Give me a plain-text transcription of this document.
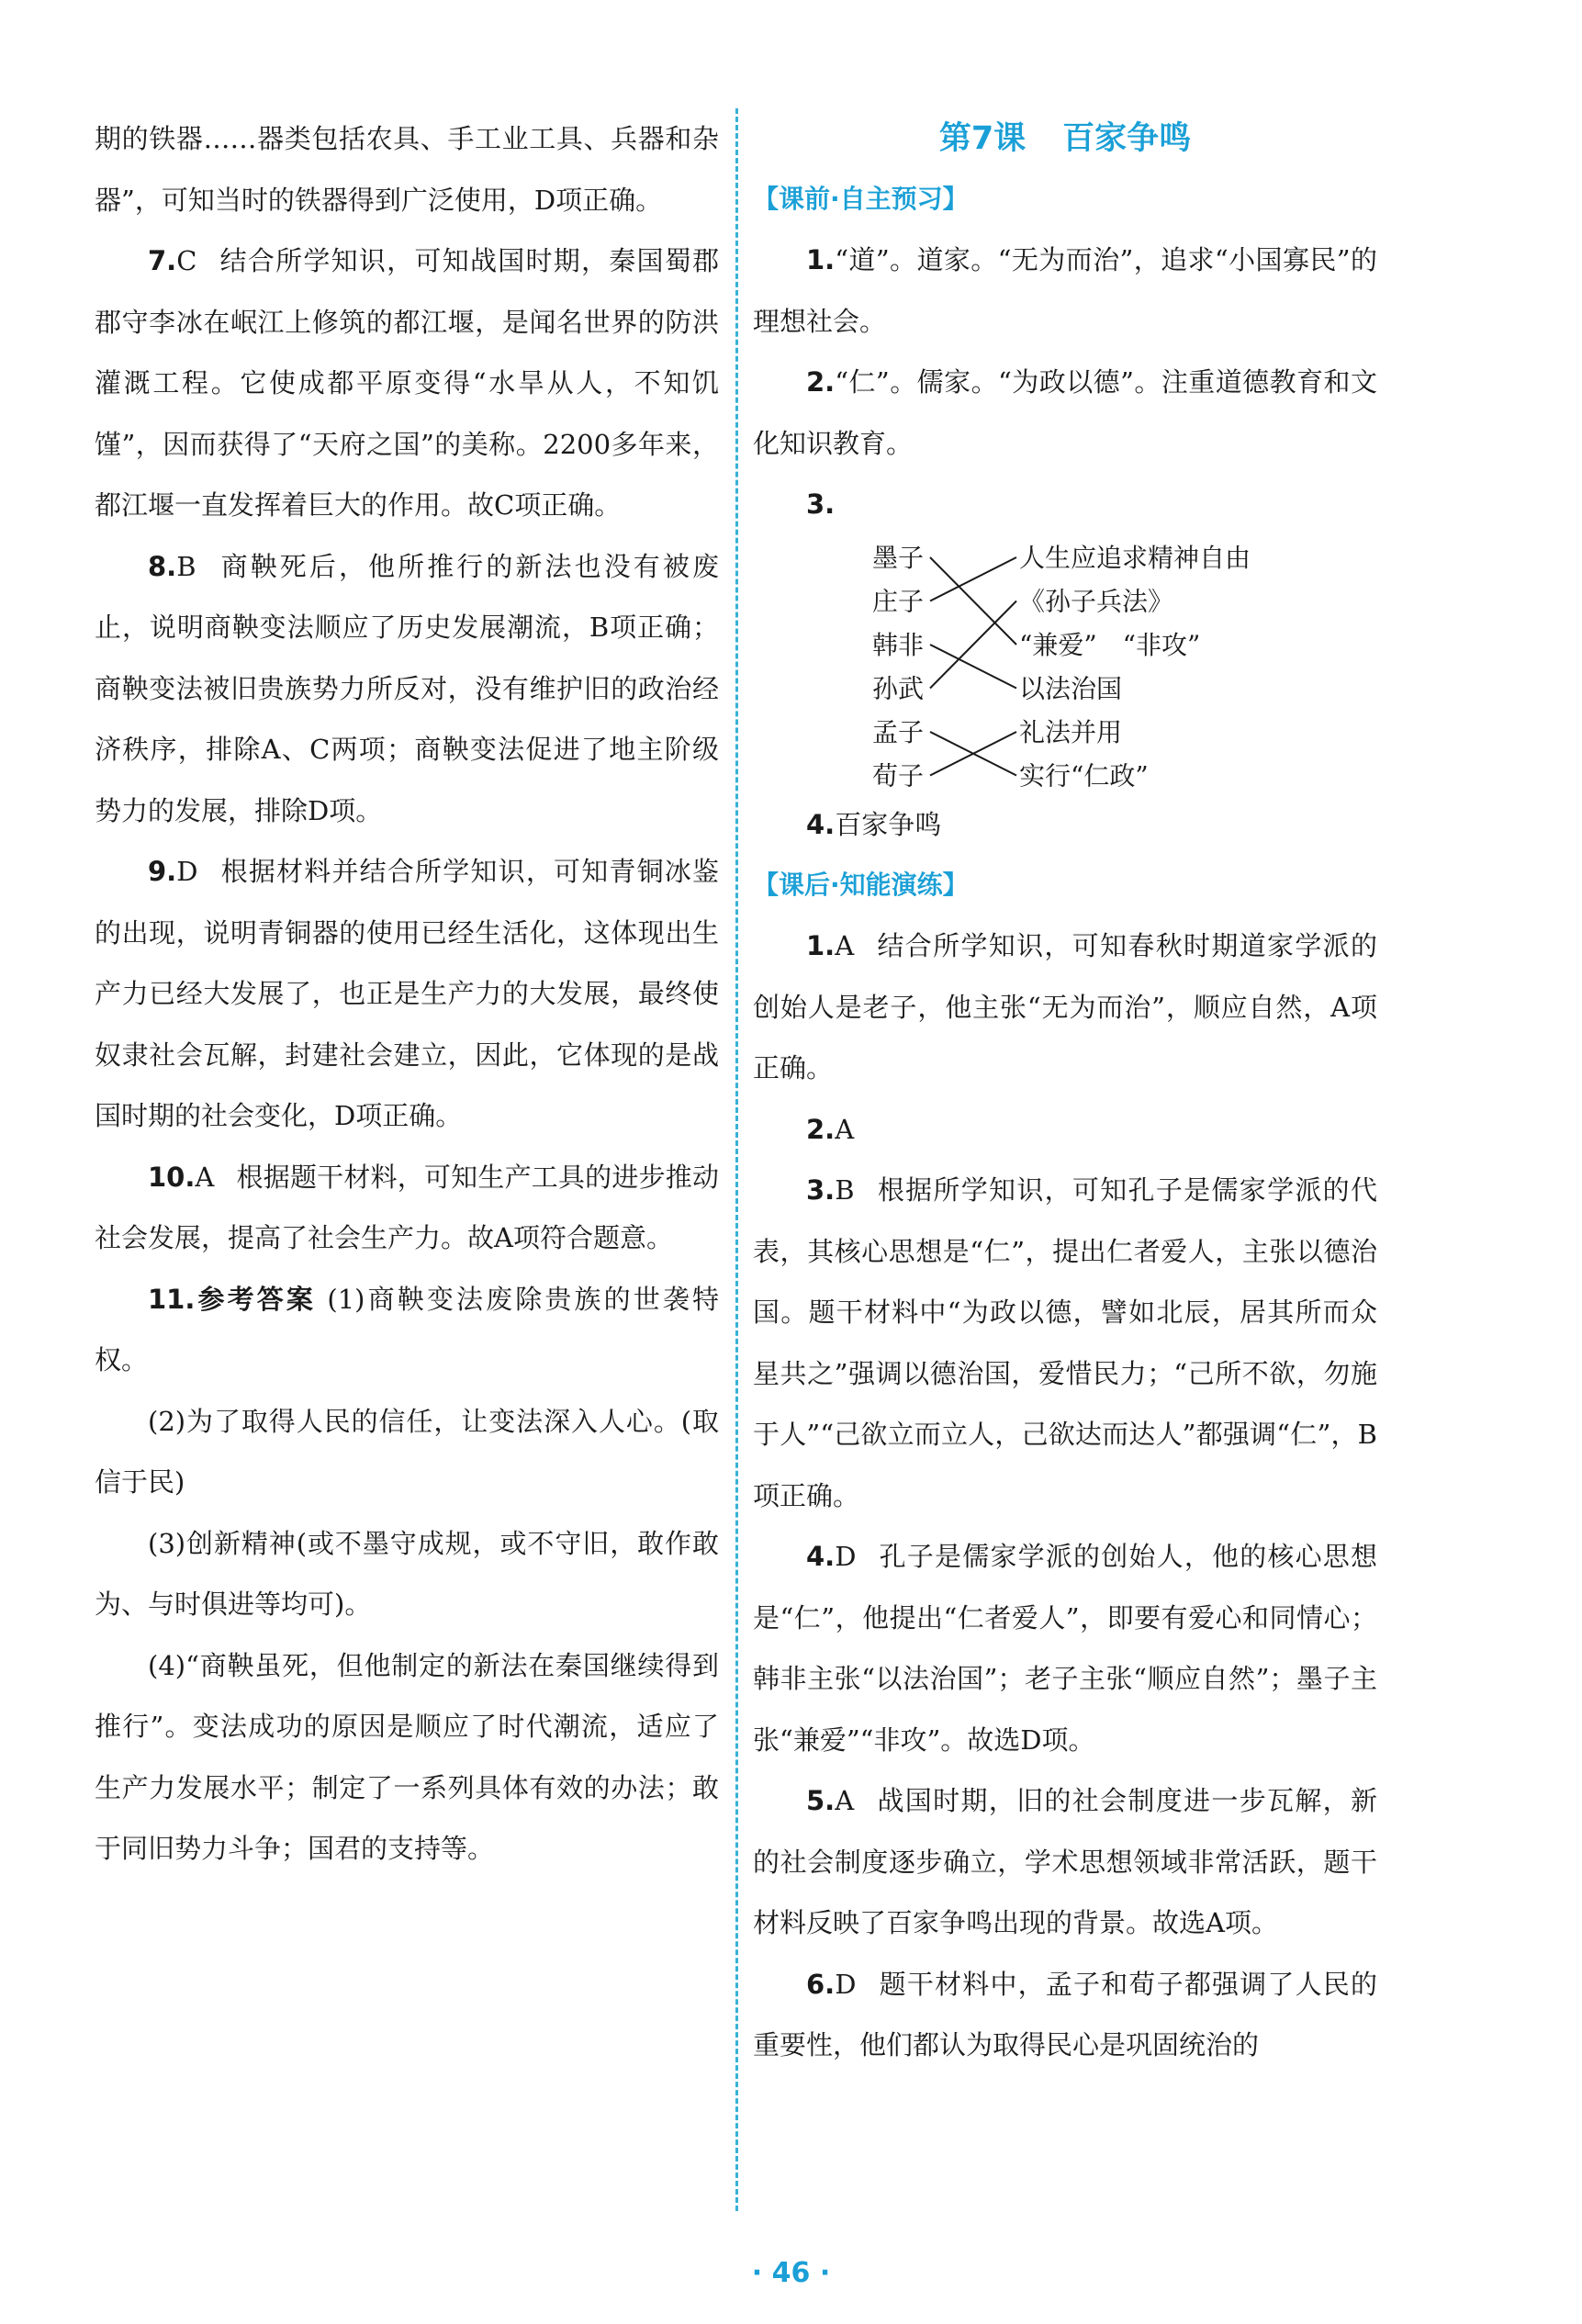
期的铁器……器类包括农具、手工业工具、兵器和杂器”，可知当时的铁器得到广泛使用，D项正确。

7.C 结合所学知识，可知战国时期，秦国蜀郡郡守李冰在岷江上修筑的都江堰，是闻名世界的防洪灌溉工程。它使成都平原变得“水旱从人，不知饥馑”，因而获得了“天府之国”的美称。2200多年来，都江堰一直发挥着巨大的作用。故C项正确。

8.B 商鞅死后，他所推行的新法也没有被废止，说明商鞅变法顺应了历史发展潮流，B项正确；商鞅变法被旧贵族势力所反对，没有维护旧的政治经济秩序，排除A、C两项；商鞅变法促进了地主阶级势力的发展，排除D项。

9.D 根据材料并结合所学知识，可知青铜冰鉴的出现，说明青铜器的使用已经生活化，这体现出生产力已经大发展了，也正是生产力的大发展，最终使奴隶社会瓦解，封建社会建立，因此，它体现的是战国时期的社会变化，D项正确。

10.A 根据题干材料，可知生产工具的进步推动社会发展，提高了社会生产力。故A项符合题意。

11.参考答案 (1)商鞅变法废除贵族的世袭特权。

(2)为了取得人民的信任，让变法深入人心。(取信于民)

(3)创新精神(或不墨守成规，或不守旧，敢作敢为、与时俱进等均可)。

(4)“商鞅虽死，但他制定的新法在秦国继续得到推行”。变法成功的原因是顺应了时代潮流，适应了生产力发展水平；制定了一系列具体有效的办法；敢于同旧势力斗争；国君的支持等。

第7课 百家争鸣
【课前·自主预习】

1.“道”。道家。“无为而治”，追求“小国寡民”的理想社会。

2.“仁”。儒家。“为政以德”。注重道德教育和文化知识教育。

3.

墨子
庄子
韩非
孙武
孟子
荀子
人生应追求精神自由
《孙子兵法》
“兼爱”　“非攻”
以法治国
礼法并用
实行“仁政”

4.百家争鸣

【课后·知能演练】

1.A 结合所学知识，可知春秋时期道家学派的创始人是老子，他主张“无为而治”，顺应自然，A项正确。

2.A

3.B 根据所学知识，可知孔子是儒家学派的代表，其核心思想是“仁”，提出仁者爱人，主张以德治国。题干材料中“为政以德，譬如北辰，居其所而众星共之”强调以德治国，爱惜民力；“己所不欲，勿施于人”“己欲立而立人，己欲达而达人”都强调“仁”，B项正确。

4.D 孔子是儒家学派的创始人，他的核心思想是“仁”，他提出“仁者爱人”，即要有爱心和同情心；韩非主张“以法治国”；老子主张“顺应自然”；墨子主张“兼爱”“非攻”。故选D项。

5.A 战国时期，旧的社会制度进一步瓦解，新的社会制度逐步确立，学术思想领域非常活跃，题干材料反映了百家争鸣出现的背景。故选A项。

6.D 题干材料中，孟子和荀子都强调了人民的重要性，他们都认为取得民心是巩固统治的

· 46 ·
